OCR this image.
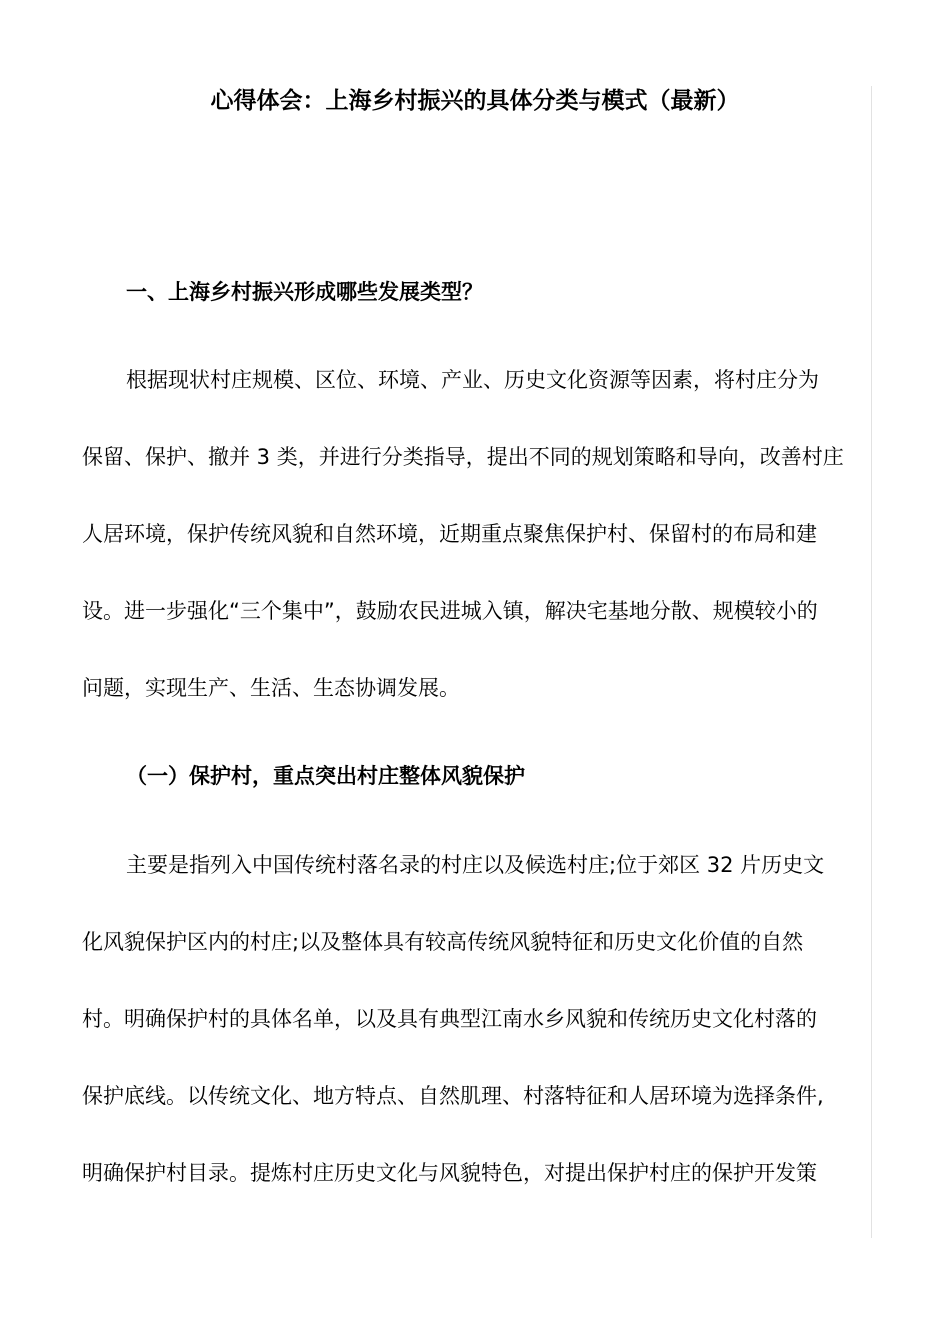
心得体会：上海乡村振兴的具体分类与模式（最新）
一、上海乡村振兴形成哪些发展类型？
根据现状村庄规模、区位、环境、产业、历史文化资源等因素，将村庄分为
保留、保护、撤并 3 类，并进行分类指导，提出不同的规划策略和导向，改善村庄
人居环境，保护传统风貌和自然环境，近期重点聚焦保护村、保留村的布局和建
设。进一步强化“三个集中”，鼓励农民进城入镇，解决宅基地分散、规模较小的
问题，实现生产、生活、生态协调发展。
（一）保护村，重点突出村庄整体风貌保护
主要是指列入中国传统村落名录的村庄以及候选村庄;位于郊区 32 片历史文
化风貌保护区内的村庄;以及整体具有较高传统风貌特征和历史文化价值的自然
村。明确保护村的具体名单，以及具有典型江南水乡风貌和传统历史文化村落的
保护底线。以传统文化、地方特点、自然肌理、村落特征和人居环境为选择条件,
明确保护村目录。提炼村庄历史文化与风貌特色，对提出保护村庄的保护开发策
